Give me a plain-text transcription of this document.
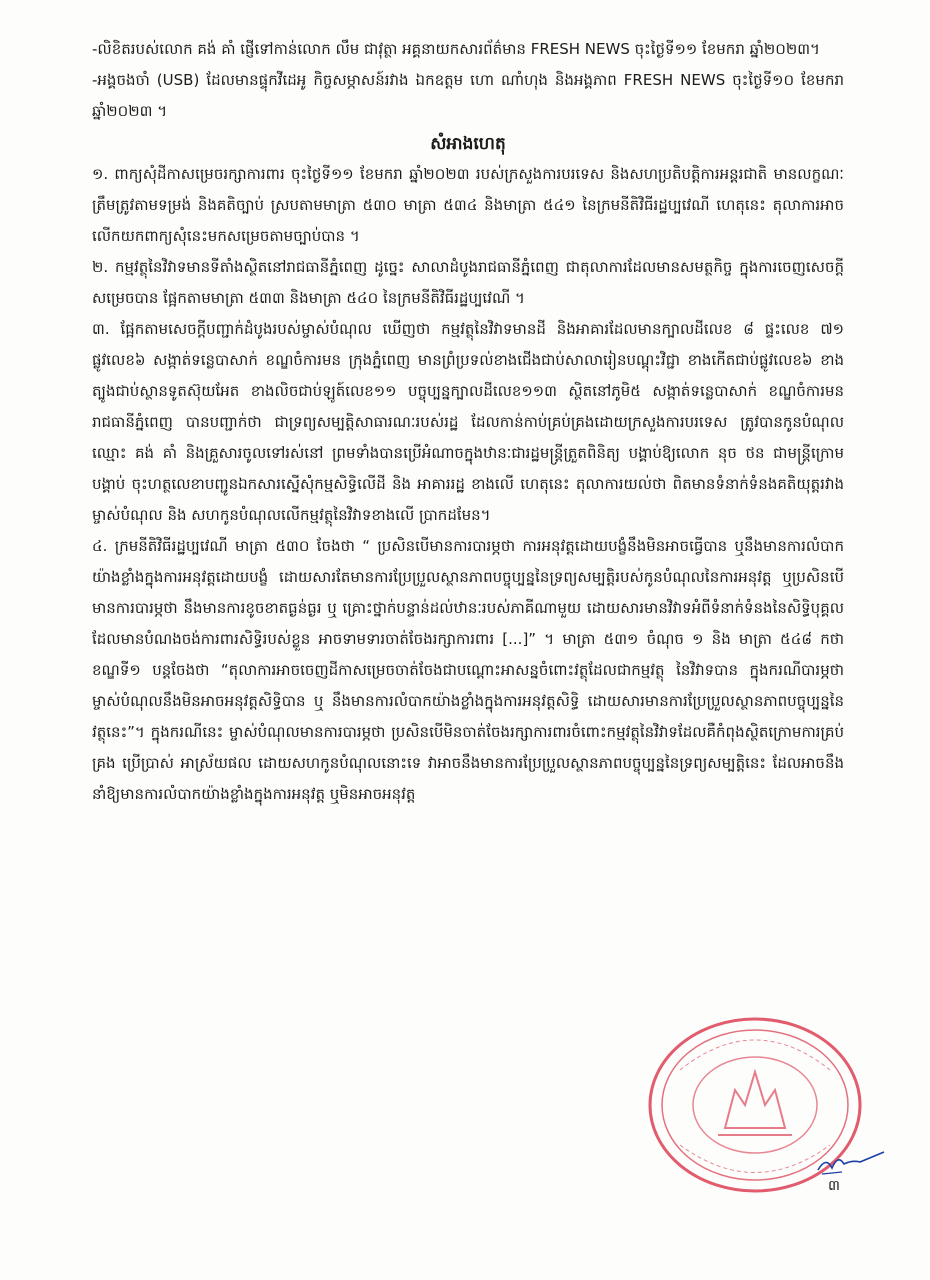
-លិខិតរបស់លោក គង់ គាំ ផ្ញើទៅកាន់លោក លឹម ជាវុត្ថា អគ្គនាយកសារព័ត៌មាន FRESH NEWS ចុះថ្ងៃទី១១ ខែមករា ឆ្នាំ២០២៣។

-អង្គចងចាំ (USB) ដែលមានផ្ទុកវីដេអូ កិច្ចសម្ភាសន៍រវាង ឯកឧត្តម ហោ ណាំហុង និងអង្គភាព FRESH NEWS ចុះថ្ងៃទី១០ ខែមករា ឆ្នាំ២០២៣ ។

សំអាងហេតុ

១. ពាក្យសុំដីកាសម្រេចរក្សាការពារ ចុះថ្ងៃទី១១ ខែមករា ឆ្នាំ២០២៣ របស់ក្រសួងការបរទេស និងសហប្រតិបត្តិការអន្តរជាតិ មានលក្ខណៈត្រឹមត្រូវតាមទម្រង់ និងគតិច្បាប់ ស្របតាមមាត្រា ៥៣០ មាត្រា ៥៣៤ និងមាត្រា ៥៤១ នៃក្រមនីតិវិធីរដ្ឋប្បវេណី ហេតុនេះ តុលាការអាចលើកយកពាក្យសុំនេះមកសម្រេចតាមច្បាប់បាន ។

២. កម្មវត្ថុនៃវិវាទមានទីតាំងស្ថិតនៅរាជធានីភ្នំពេញ ដូច្នេះ សាលាដំបូងរាជធានីភ្នំពេញ ជាតុលាការដែលមានសមត្ថកិច្ច ក្នុងការចេញសេចក្ដីសម្រេចបាន ផ្អែកតាមមាត្រា ៥៣៣ និងមាត្រា ៥៤០ នៃក្រមនីតិវិធីរដ្ឋប្បវេណី ។

៣. ផ្អែកតាមសេចក្តីបញ្ជាក់ដំបូងរបស់ម្ចាស់បំណុល ឃើញថា កម្មវត្ថុនៃវិវាទមានដី និងអាគារដែលមានក្បាលដីលេខ ៨ ផ្ទះលេខ ៧១ ផ្លូវលេខ៦ សង្កាត់ទន្លេបាសាក់ ខណ្ឌចំការមន ក្រុងភ្នំពេញ មានព្រំប្រទល់ខាងជើងជាប់សាលារៀនបណ្តុះវិជ្ជា ខាងកើតជាប់ផ្លូវលេខ៦ ខាងត្បូងជាប់ស្ថានទូតស៊ុយអែត ខាងលិចជាប់ឡូត៍លេខ១១ បច្ចុប្បន្នក្បាលដីលេខ១១៣ ស្ថិតនៅភូមិ៥ សង្កាត់ទន្លេបាសាក់ ខណ្ឌចំការមន រាជធានីភ្នំពេញ បានបញ្ជាក់ថា ជាទ្រព្យសម្បត្តិសាធារណៈរបស់រដ្ឋ ដែលកាន់កាប់គ្រប់គ្រងដោយក្រសួងការបរទេស ត្រូវបានកូនបំណុលឈ្មោះ គង់ គាំ និងគ្រួសារចូលទៅរស់នៅ ព្រមទាំងបានប្រើអំណាចក្នុងឋានៈជារដ្ឋមន្ត្រីត្រួតពិនិត្យ បង្គាប់ឱ្យលោក នុច ថន ជាមន្ត្រីក្រោមបង្គាប់ ចុះហត្ថលេខាបញ្ជូនឯកសារស្នើសុំកម្មសិទ្ធិលើដី និង អាគាររដ្ឋ ខាងលើ ហេតុនេះ តុលាការយល់ថា ពិតមានទំនាក់ទំនងគតិយុត្តរវាងម្ចាស់បំណុល និង សហកូនបំណុលលើកម្មវត្ថុនៃវិវាទខាងលើ ប្រាកដមែន។

៤. ក្រមនីតិវិធីរដ្ឋប្បវេណី មាត្រា ៥៣០ ចែងថា “ ប្រសិនបើមានការបារម្ភថា ការអនុវត្តដោយបង្ខំនឹងមិនអាចធ្វើបាន ឬនឹងមានការលំបាកយ៉ាងខ្លាំងក្នុងការអនុវត្តដោយបង្ខំ ដោយសារតែមានការប្រែប្រួលស្ថានភាពបច្ចុប្បន្ននៃទ្រព្យសម្បត្តិរបស់កូនបំណុលនៃការអនុវត្ត ឬប្រសិនបើមានការបារម្ភថា នឹងមានការខូចខាតធ្ងន់ធ្ងរ ឬ គ្រោះថ្នាក់បន្ទាន់ដល់ឋានៈរបស់ភាគីណាមួយ ដោយសារមានវិវាទអំពីទំនាក់ទំនងនៃសិទ្ធិបុគ្គលដែលមានបំណងចង់ការពារសិទ្ធិរបស់ខ្លួន អាចទាមទារចាត់ចែងរក្សាការពារ [...]” ។ មាត្រា ៥៣១ ចំណុច ១ និង មាត្រា ៥៤៨ កថាខណ្ឌទី១ បន្តចែងថា “តុលាការអាចចេញដីកាសម្រេចចាត់ចែងជាបណ្តោះអាសន្នចំពោះវត្ថុដែលជាកម្មវត្ថុ នៃវិវាទបាន ក្នុងករណីបារម្ភថា ម្ចាស់បំណុលនឹងមិនអាចអនុវត្តសិទ្ធិបាន ឬ នឹងមានការលំបាកយ៉ាងខ្លាំងក្នុងការអនុវត្តសិទ្ធិ ដោយសារមានការប្រែប្រួលស្ថានភាពបច្ចុប្បន្ននៃវត្ថុនេះ”។ ក្នុងករណីនេះ ម្ចាស់បំណុលមានការបារម្ភថា ប្រសិនបើមិនចាត់ចែងរក្សាការពារចំពោះកម្មវត្ថុនៃវិវាទដែលគឺកំពុងស្ថិតក្រោមការគ្រប់គ្រង ប្រើប្រាស់ អាស្រ័យផល ដោយសហកូនបំណុលនោះទេ វាអាចនឹងមានការប្រែប្រួលស្ថានភាពបច្ចុប្បន្ននៃទ្រព្យសម្បត្តិនេះ ដែលអាចនឹងនាំឱ្យមានការលំបាកយ៉ាងខ្លាំងក្នុងការអនុវត្ត ឬមិនអាចអនុវត្ត

៣
